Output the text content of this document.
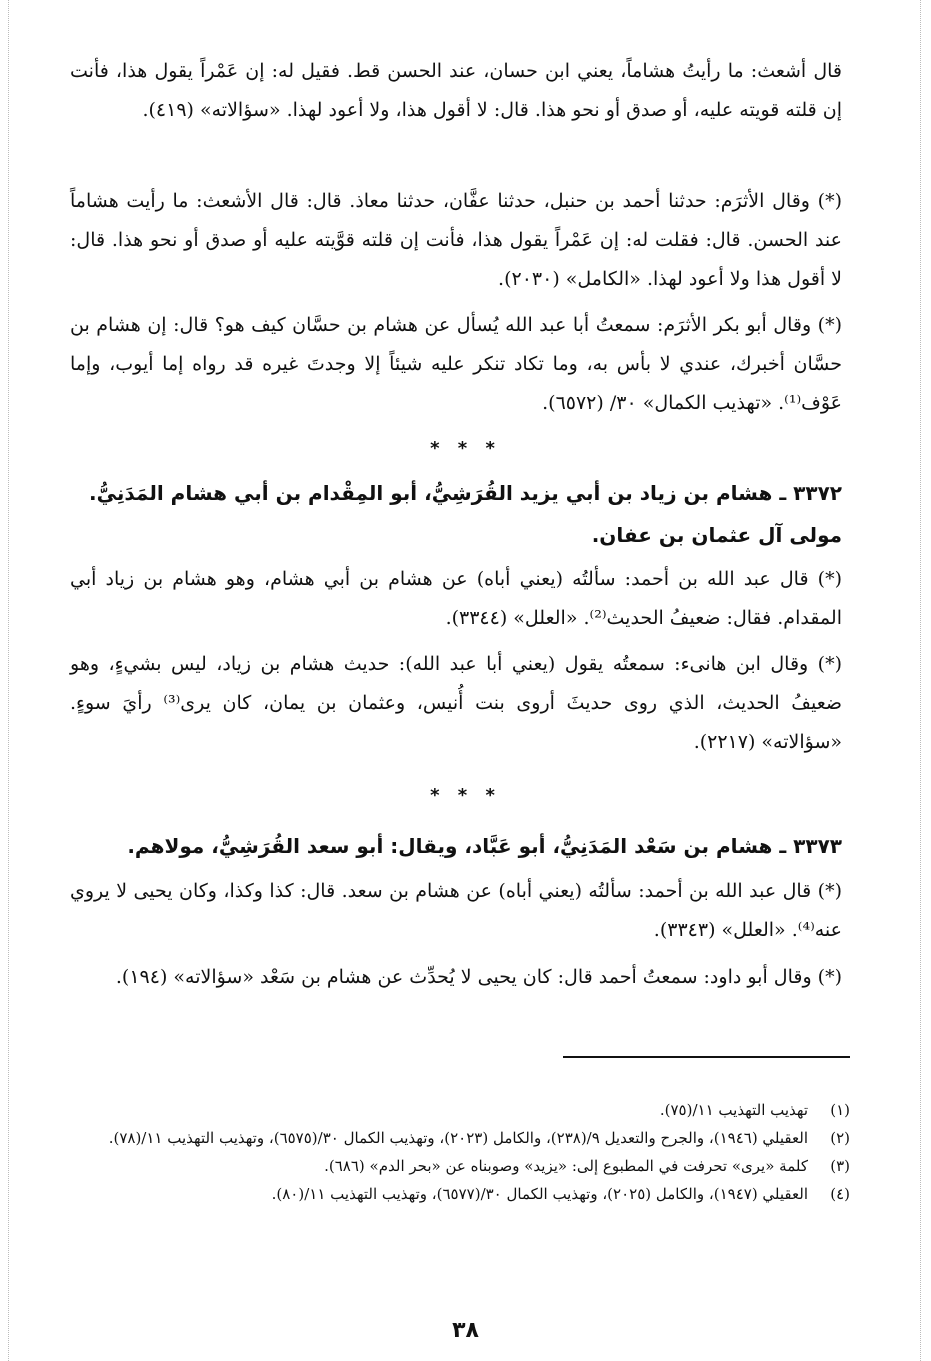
قال أشعث: ما رأيتُ هشاماً، يعني ابن حسان، عند الحسن قط. فقيل له: إن عَمْراً يقول هذا، فأنت إن قلته قويته عليه، أو صدق أو نحو هذا. قال: لا أقول هذا، ولا أعود لهذا. «سؤالاته» (٤١٩).

(*) وقال الأثرَم: حدثنا أحمد بن حنبل، حدثنا عفَّان، حدثنا معاذ. قال: قال الأشعث: ما رأيت هشاماً عند الحسن. قال: فقلت له: إن عَمْراً يقول هذا، فأنت إن قلته قوَّيته عليه أو صدق أو نحو هذا. قال: لا أقول هذا ولا أعود لهذا. «الكامل» (٢٠٣٠).

(*) وقال أبو بكر الأثرَم: سمعتُ أبا عبد الله يُسأل عن هشام بن حسَّان كيف هو؟ قال: إن هشام بن حسَّان أخبرك، عندي لا بأس به، وما تكاد تنكر عليه شيئاً إلا وجدتَ غيره قد رواه إما أيوب، وإما عَوْف⁽¹⁾. «تهذيب الكمال» ٣٠/ (٦٥٧٢).

* * *
٣٣٧٢ ـ هشام بن زياد بن أبي يزيد القُرَشِيُّ، أبو المِقْدام بن أبي هشام المَدَنِيُّ. مولى آل عثمان بن عفان.

(*) قال عبد الله بن أحمد: سألتُه (يعني أباه) عن هشام بن أبي هشام، وهو هشام بن زياد أبي المقدام. فقال: ضعيفُ الحديث⁽²⁾. «العلل» (٣٣٤٤).

(*) وقال ابن هانىء: سمعتُه يقول (يعني أبا عبد الله): حديث هشام بن زياد، ليس بشيءٍ، وهو ضعيفُ الحديث، الذي روى حديثَ أروى بنت أُنيس، وعثمان بن يمان، كان يرى⁽³⁾ رأيَ سوءٍ. «سؤالاته» (٢٢١٧).

* * *
٣٣٧٣ ـ هشام بن سَعْد المَدَنِيُّ، أبو عَبَّاد، ويقال: أبو سعد القُرَشِيُّ، مولاهم.

(*) قال عبد الله بن أحمد: سألتُه (يعني أباه) عن هشام بن سعد. قال: كذا وكذا، وكان يحيى لا يروي عنه⁽⁴⁾. «العلل» (٣٣٤٣).

(*) وقال أبو داود: سمعتُ أحمد قال: كان يحيى لا يُحدِّث عن هشام بن سَعْد «سؤالاته» (١٩٤).

(١)
تهذيب التهذيب ١١/(٧٥).
(٢)
العقيلي (١٩٤٦)، والجرح والتعديل ٩/(٢٣٨)، والكامل (٢٠٢٣)، وتهذيب الكمال ٣٠/(٦٥٧٥)، وتهذيب التهذيب ١١/(٧٨).
(٣)
كلمة «يرى» تحرفت في المطبوع إلى: «يزيد» وصوبناه عن «بحر الدم» (٦٨٦).
(٤)
العقيلي (١٩٤٧)، والكامل (٢٠٢٥)، وتهذيب الكمال ٣٠/(٦٥٧٧)، وتهذيب التهذيب ١١/(٨٠).
٣٨
